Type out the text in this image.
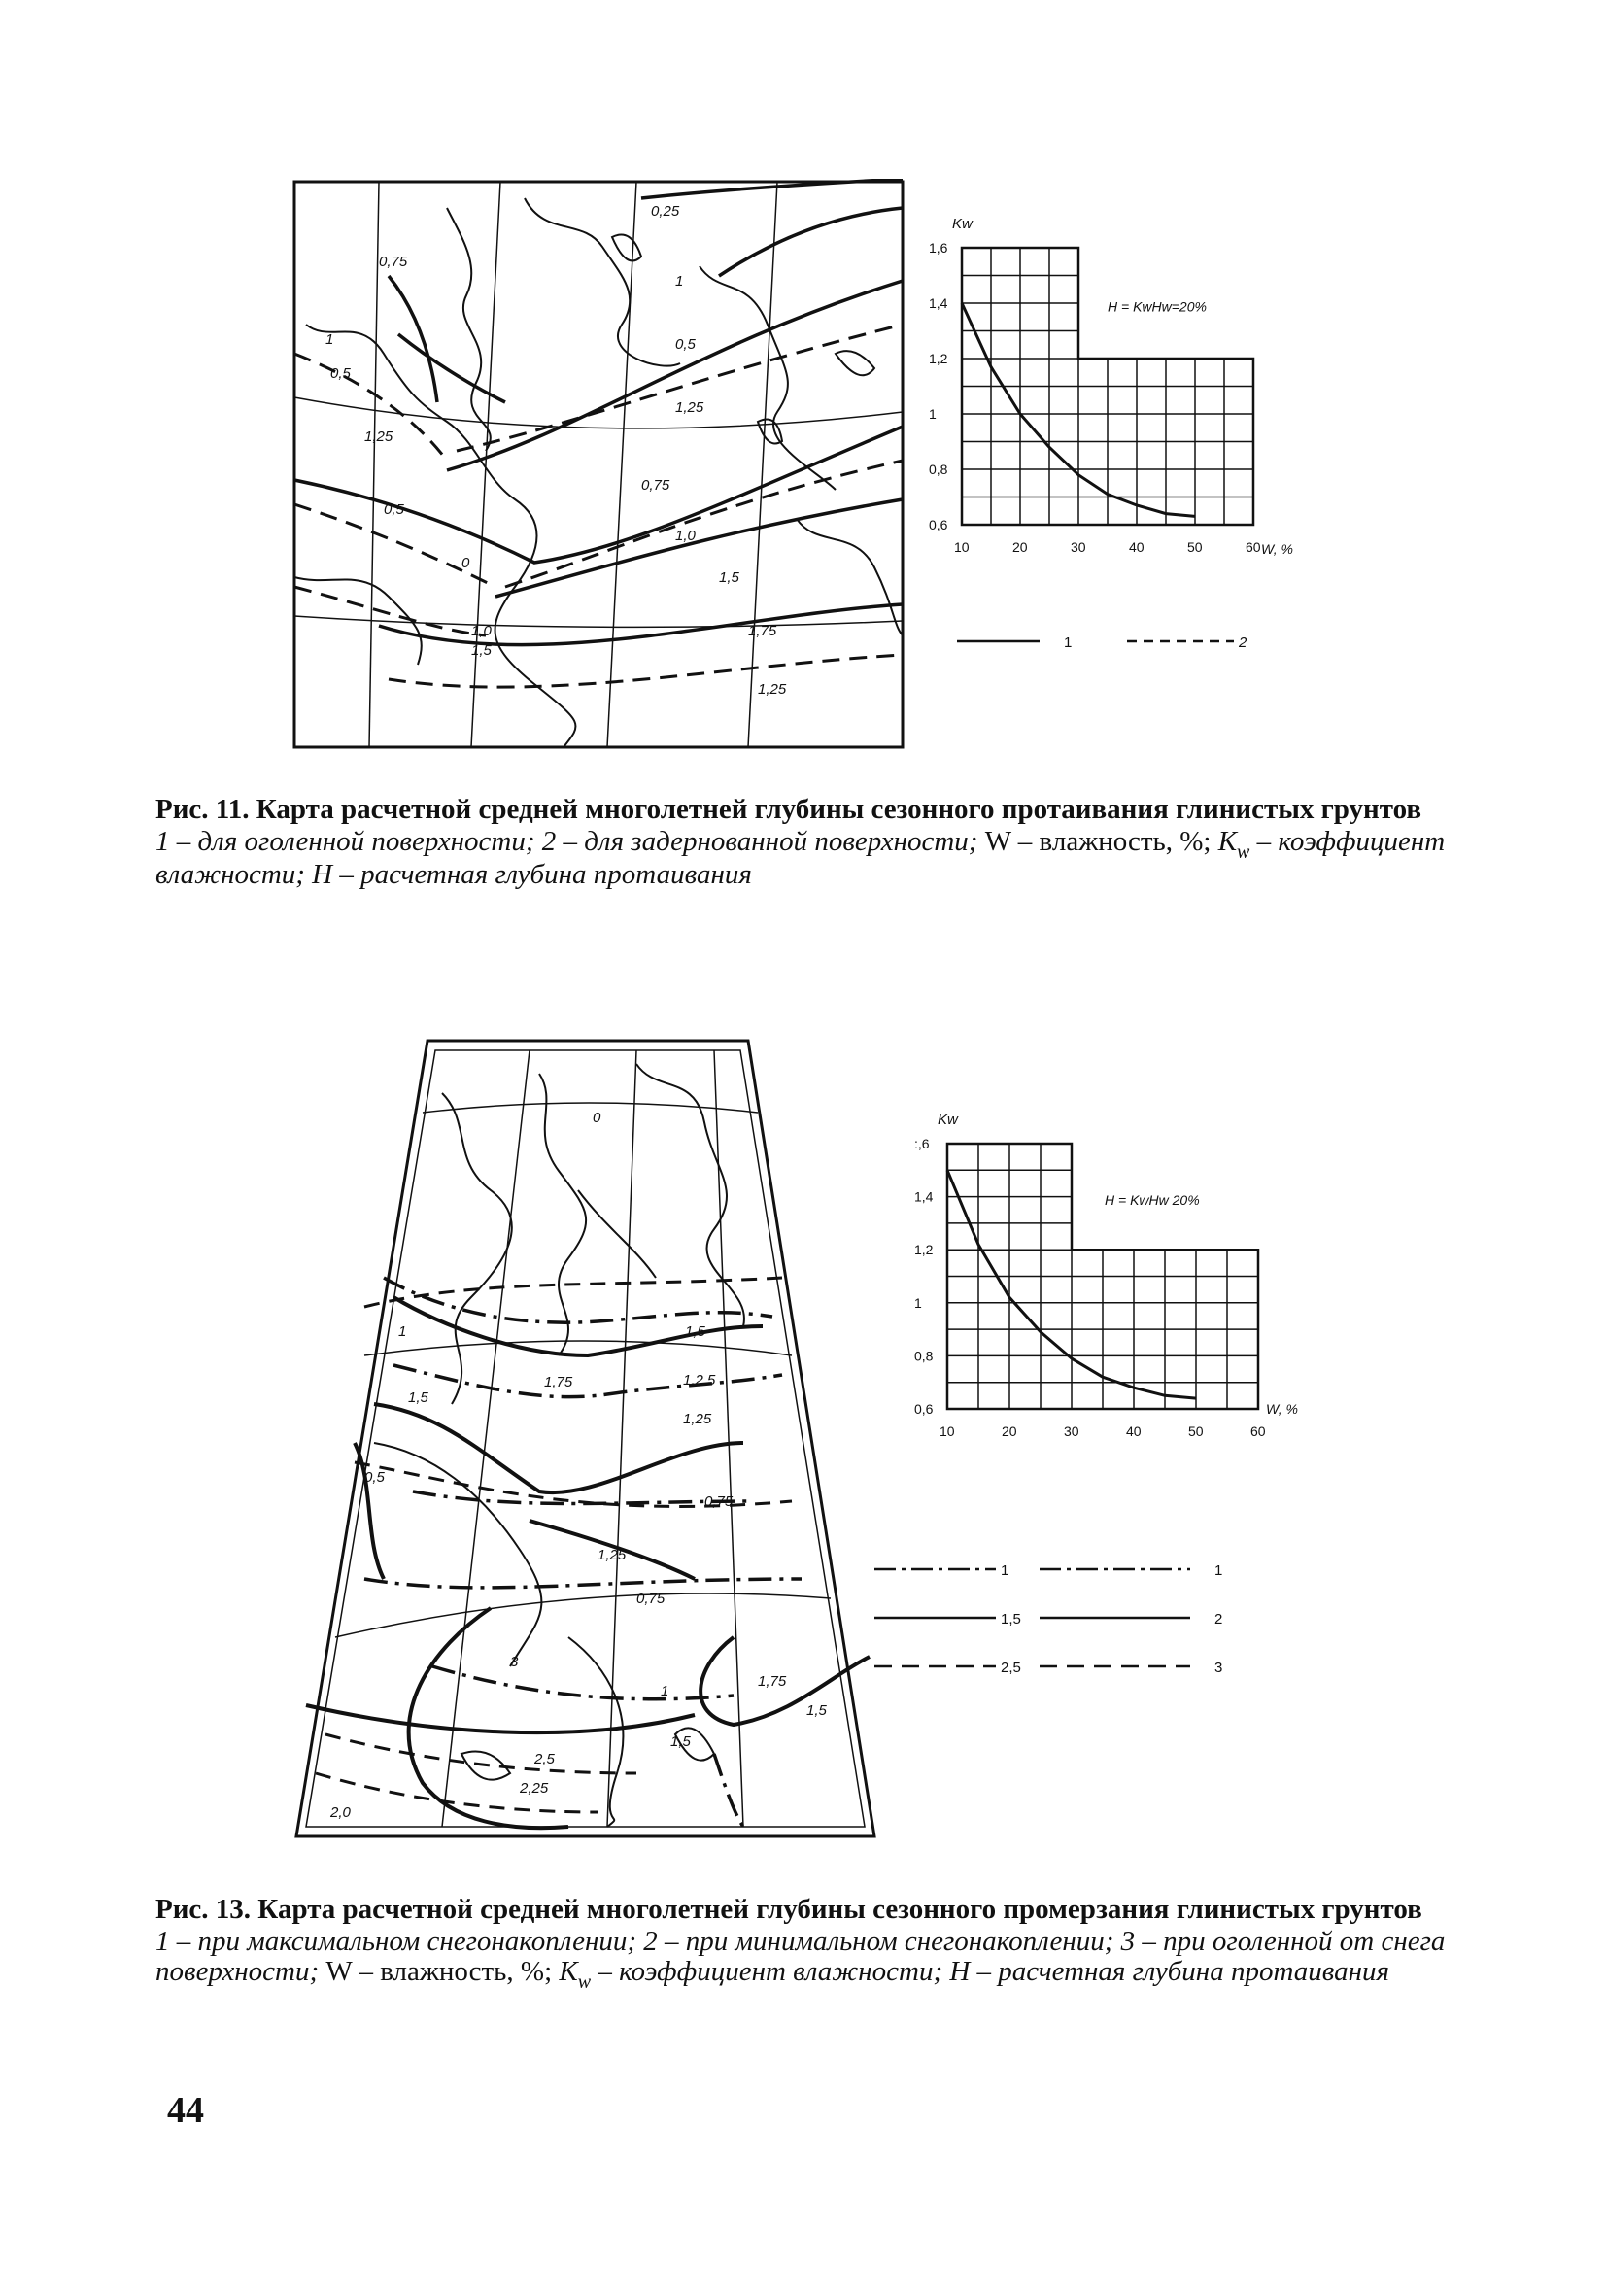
0,25
0,75
1
0,5
1,25
0,5
1
0,5
1,25
0,75
1,0
1,5
1,75
1,25
1,0
1,5
0
0,6
0,8
1
1,2
1,4
1,6
10	20	30	40	50	60
Kw
W, %
H = KwHw=20%
1	2
Рис. 11. Карта расчетной средней многолетней глубины сезонного протаивания глинистых грунтов
1 – для оголенной поверхности; 2 – для задернованной поверхности; W – влажность, %; $K_w$ – коэффициент влажности; H – расчетная глубина протаивания
0
1	1,5
1,75	1,2 5
1,5
1,25
0,5
0,75
1,25
0,75
3
1
1,75
1,5
1,5
2,5
2,25
2,0
:,6
1,4
1,2
1
0,8
0,6
10	20	30	40	50	60
Kw
W, %
H = KwHw 20%
1	1
1,5	2
2,5	3
Рис. 13. Карта расчетной средней многолетней глубины сезонного промерзания глинистых грунтов
1 – при максимальном снегонакоплении; 2 – при минимальном снегонакоплении; 3 – при оголенной от снега поверхности; W – влажность, %; $K_w$ – коэффициент влажности; H – расчетная глубина протаивания
44
